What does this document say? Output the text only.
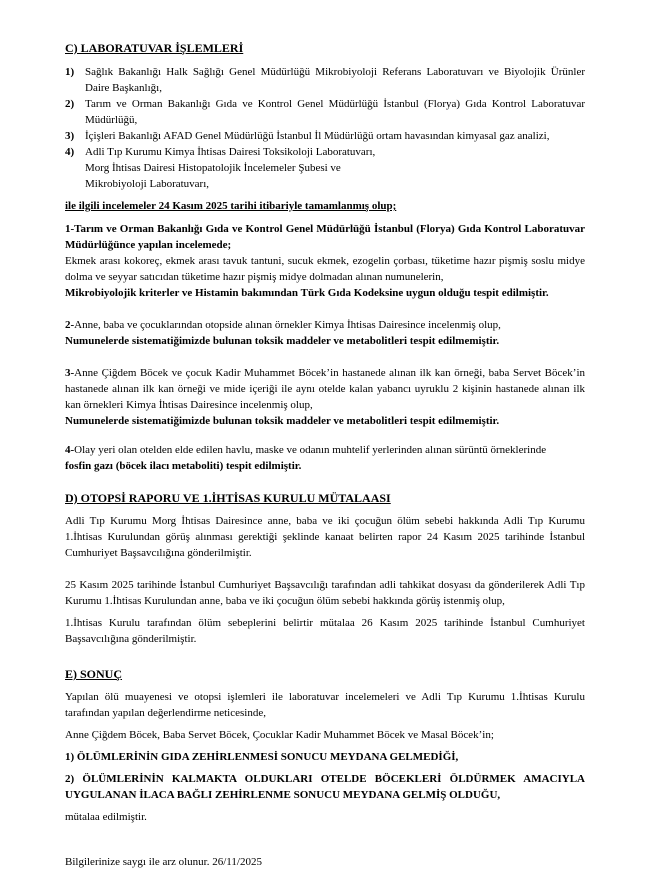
C) LABORATUVAR İŞLEMLERİ
1) Sağlık Bakanlığı Halk Sağlığı Genel Müdürlüğü Mikrobiyoloji Referans Laboratuvarı ve Biyolojik Ürünler Daire Başkanlığı,
2) Tarım ve Orman Bakanlığı Gıda ve Kontrol Genel Müdürlüğü İstanbul (Florya) Gıda Kontrol Laboratuvar Müdürlüğü,
3) İçişleri Bakanlığı AFAD Genel Müdürlüğü İstanbul İl Müdürlüğü ortam havasından kimyasal gaz analizi,
4) Adli Tıp Kurumu Kimya İhtisas Dairesi Toksikoloji Laboratuvarı,
Morg İhtisas Dairesi Histopatolojik İncelemeler Şubesi ve
Mikrobiyoloji Laboratuvarı,

ile ilgili incelemeler 24 Kasım 2025 tarihi itibariyle tamamlanmış olup;

1-Tarım ve Orman Bakanlığı Gıda ve Kontrol Genel Müdürlüğü İstanbul (Florya) Gıda Kontrol Laboratuvar Müdürlüğünce yapılan incelemede;

Ekmek arası kokoreç, ekmek arası tavuk tantuni, sucuk ekmek, ezogelin çorbası, tüketime hazır pişmiş soslu midye dolma ve seyyar satıcıdan tüketime hazır pişmiş midye dolmadan alınan numunelerin,

Mikrobiyolojik kriterler ve Histamin bakımından Türk Gıda Kodeksine uygun olduğu tespit edilmiştir.

2-Anne, baba ve çocuklarından otopside alınan örnekler Kimya İhtisas Dairesince incelenmiş olup,

Numunelerde sistematiğimizde bulunan toksik maddeler ve metabolitleri tespit edilmemiştir.

3-Anne Çiğdem Böcek ve çocuk Kadir Muhammet Böcek’in hastanede alınan ilk kan örneği, baba Servet Böcek’in hastanede alınan ilk kan örneği ve mide içeriği ile aynı otelde kalan yabancı uyruklu 2 kişinin hastanede alınan ilk kan örnekleri Kimya İhtisas Dairesince incelenmiş olup,

Numunelerde sistematiğimizde bulunan toksik maddeler ve metabolitleri tespit edilmemiştir.

4-Olay yeri olan otelden elde edilen havlu, maske ve odanın muhtelif yerlerinden alınan sürüntü örneklerinde

fosfin gazı (böcek ilacı metaboliti) tespit edilmiştir.

D) OTOPSİ RAPORU VE 1.İHTİSAS KURULU MÜTALAASI

Adli Tıp Kurumu Morg İhtisas Dairesince anne, baba ve iki çocuğun ölüm sebebi hakkında Adli Tıp Kurumu 1.İhtisas Kurulundan görüş alınması gerektiği şeklinde kanaat belirten rapor 24 Kasım 2025 tarihinde İstanbul Cumhuriyet Başsavcılığına gönderilmiştir.

25 Kasım 2025 tarihinde İstanbul Cumhuriyet Başsavcılığı tarafından adli tahkikat dosyası da gönderilerek Adli Tıp Kurumu 1.İhtisas Kurulundan anne, baba ve iki çocuğun ölüm sebebi hakkında görüş istenmiş olup,

1.İhtisas Kurulu tarafından ölüm sebeplerini belirtir mütalaa 26 Kasım 2025 tarihinde İstanbul Cumhuriyet Başsavcılığına gönderilmiştir.

E) SONUÇ

Yapılan ölü muayenesi ve otopsi işlemleri ile laboratuvar incelemeleri ve Adli Tıp Kurumu 1.İhtisas Kurulu tarafından yapılan değerlendirme neticesinde,

Anne Çiğdem Böcek, Baba Servet Böcek, Çocuklar Kadir Muhammet Böcek ve Masal Böcek’in;

1) ÖLÜMLERİNİN GIDA ZEHİRLENMESİ SONUCU MEYDANA GELMEDİĞİ,

2) ÖLÜMLERİNİN KALMAKTA OLDUKLARI OTELDE BÖCEKLERİ ÖLDÜRMEK AMACIYLA UYGULANAN İLACA BAĞLI ZEHİRLENME SONUCU MEYDANA GELMİŞ OLDUĞU,

mütalaa edilmiştir.

Bilgilerinize saygı ile arz olunur. 26/11/2025
